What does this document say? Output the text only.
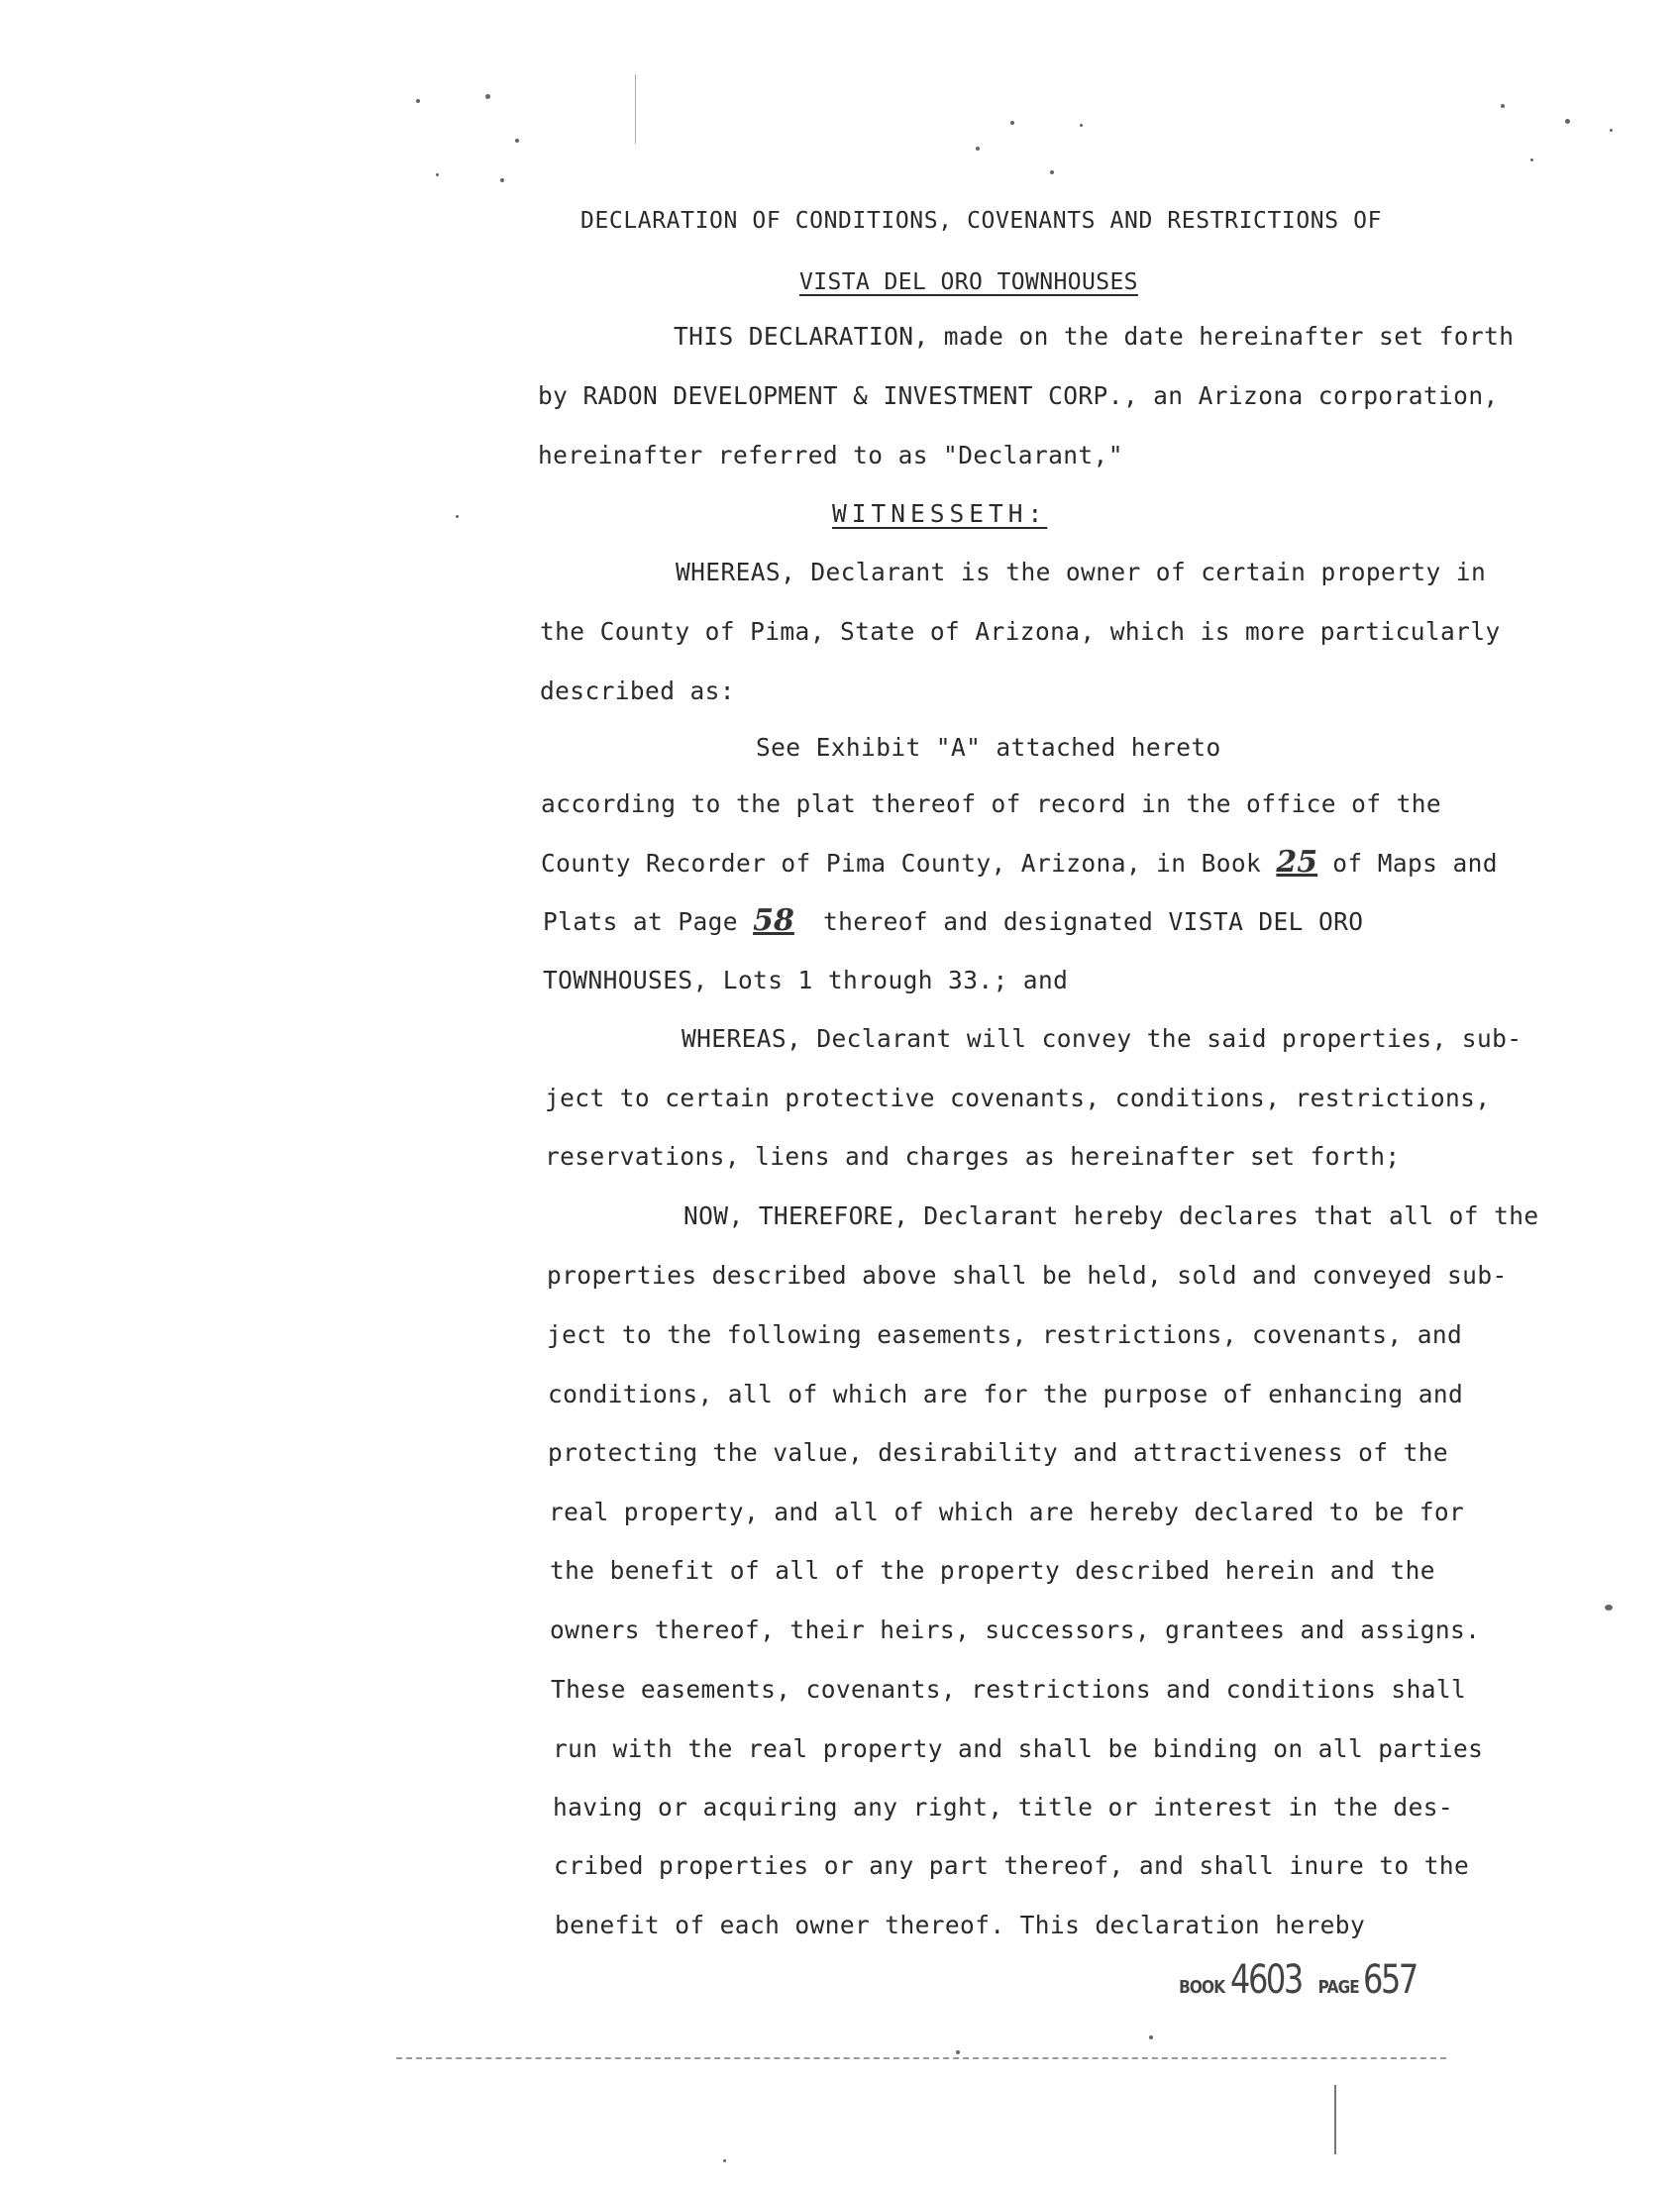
DECLARATION OF CONDITIONS, COVENANTS AND RESTRICTIONS OF
VISTA DEL ORO TOWNHOUSES
THIS DECLARATION, made on the date hereinafter set forth
by RADON DEVELOPMENT & INVESTMENT CORP., an Arizona corporation,
hereinafter referred to as "Declarant,"
WITNESSETH:
WHEREAS, Declarant is the owner of certain property in
the County of Pima, State of Arizona, which is more particularly
described as:
See Exhibit "A" attached hereto
according to the plat thereof of record in the office of the
County Recorder of Pima County, Arizona, in Book 25 of Maps and
Plats at Page 58 thereof and designated VISTA DEL ORO
TOWNHOUSES, Lots 1 through 33.; and
WHEREAS, Declarant will convey the said properties, sub-
ject to certain protective covenants, conditions, restrictions,
reservations, liens and charges as hereinafter set forth;
NOW, THEREFORE, Declarant hereby declares that all of the
properties described above shall be held, sold and conveyed sub-
ject to the following easements, restrictions, covenants, and
conditions, all of which are for the purpose of enhancing and
protecting the value, desirability and attractiveness of the
real property, and all of which are hereby declared to be for
the benefit of all of the property described herein and the
owners thereof, their heirs, successors, grantees and assigns.
These easements, covenants, restrictions and conditions shall
run with the real property and shall be binding on all parties
having or acquiring any right, title or interest in the des-
cribed properties or any part thereof, and shall inure to the
benefit of each owner thereof. This declaration hereby
BOOK 4603 PAGE657
